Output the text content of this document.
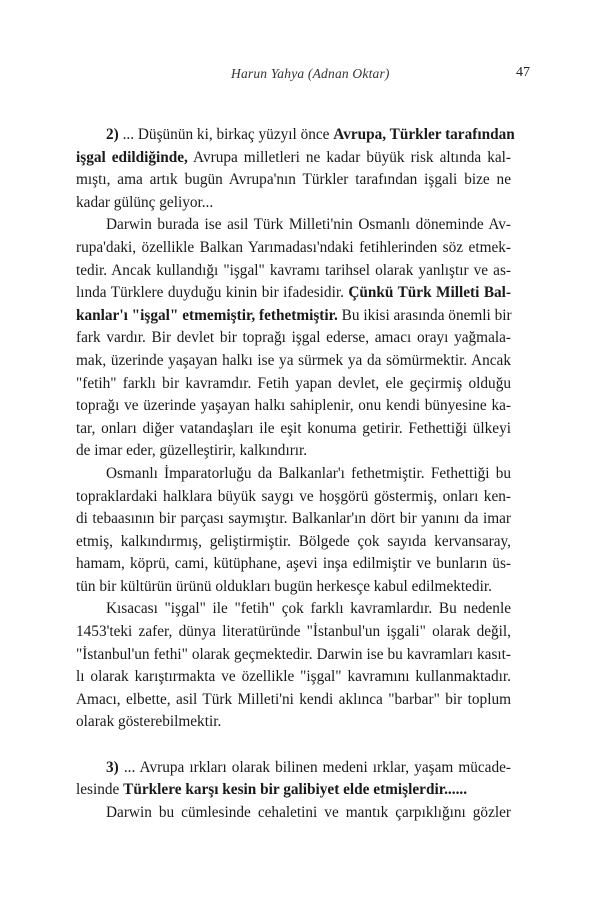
Harun Yahya (Adnan Oktar)	47
2) ... Düşünün ki, birkaç yüzyıl önce Avrupa, Türkler tarafından
işgal edildiğinde, Avrupa milletleri ne kadar büyük risk altında kal-
mıştı, ama artık bugün Avrupa'nın Türkler tarafından işgali bize ne
kadar gülünç geliyor...
Darwin burada ise asil Türk Milleti'nin Osmanlı döneminde Av-
rupa'daki, özellikle Balkan Yarımadası'ndaki fetihlerinden söz etmek-
tedir. Ancak kullandığı "işgal" kavramı tarihsel olarak yanlıştır ve as-
lında Türklere duyduğu kinin bir ifadesidir. Çünkü Türk Milleti Bal-
kanlar'ı "işgal" etmemiştir, fethetmiştir. Bu ikisi arasında önemli bir
fark vardır. Bir devlet bir toprağı işgal ederse, amacı orayı yağmala-
mak, üzerinde yaşayan halkı ise ya sürmek ya da sömürmektir. Ancak
"fetih" farklı bir kavramdır. Fetih yapan devlet, ele geçirmiş olduğu
toprağı ve üzerinde yaşayan halkı sahiplenir, onu kendi bünyesine ka-
tar, onları diğer vatandaşları ile eşit konuma getirir. Fethettiği ülkeyi
de imar eder, güzelleştirir, kalkındırır.
Osmanlı İmparatorluğu da Balkanlar'ı fethetmiştir. Fethettiği bu
topraklardaki halklara büyük saygı ve hoşgörü göstermiş, onları ken-
di tebaasının bir parçası saymıştır. Balkanlar'ın dört bir yanını da imar
etmiş, kalkındırmış, geliştirmiştir. Bölgede çok sayıda kervansaray,
hamam, köprü, cami, kütüphane, aşevi inşa edilmiştir ve bunların üs-
tün bir kültürün ürünü oldukları bugün herkesçe kabul edilmektedir.
Kısacası "işgal" ile "fetih" çok farklı kavramlardır. Bu nedenle
1453'teki zafer, dünya literatüründe "İstanbul'un işgali" olarak değil,
"İstanbul'un fethi" olarak geçmektedir. Darwin ise bu kavramları kasıt-
lı olarak karıştırmakta ve özellikle "işgal" kavramını kullanmaktadır.
Amacı, elbette, asil Türk Milleti'ni kendi aklınca "barbar" bir toplum
olarak gösterebilmektir.
3) ... Avrupa ırkları olarak bilinen medeni ırklar, yaşam mücade-
lesinde Türklere karşı kesin bir galibiyet elde etmişlerdir......
Darwin bu cümlesinde cehaletini ve mantık çarpıklığını gözler
